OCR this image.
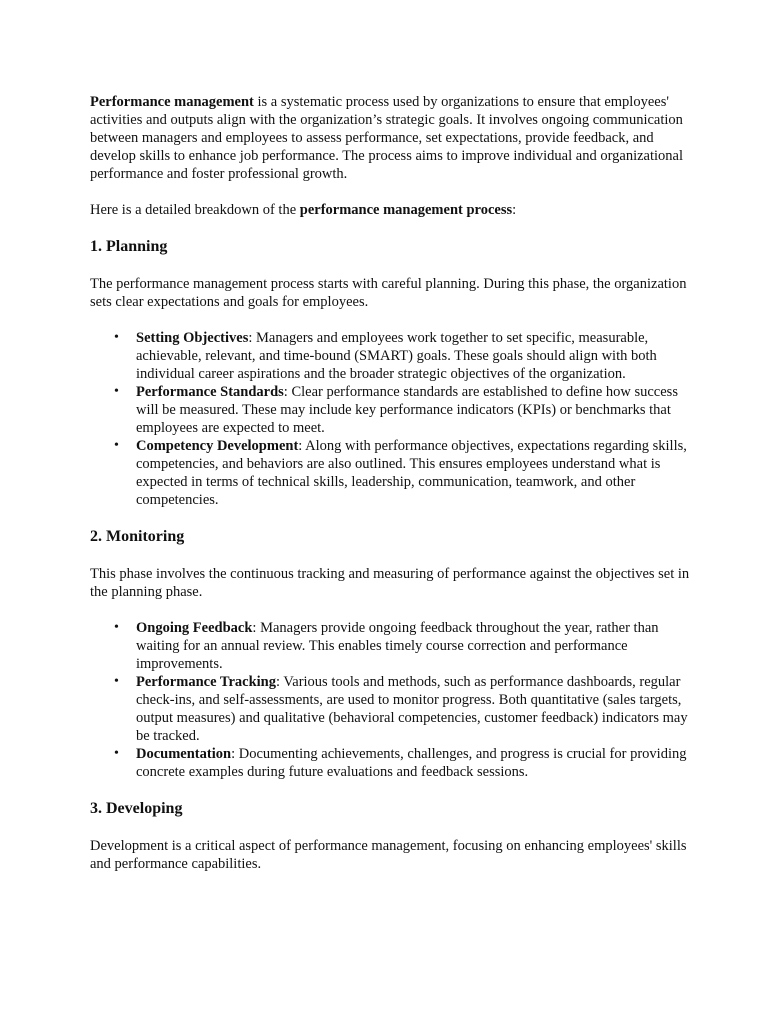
Performance management is a systematic process used by organizations to ensure that employees' activities and outputs align with the organization’s strategic goals. It involves ongoing communication between managers and employees to assess performance, set expectations, provide feedback, and develop skills to enhance job performance. The process aims to improve individual and organizational performance and foster professional growth.

Here is a detailed breakdown of the performance management process:

1. Planning

The performance management process starts with careful planning. During this phase, the organization sets clear expectations and goals for employees.

• Setting Objectives: Managers and employees work together to set specific, measurable, achievable, relevant, and time-bound (SMART) goals. These goals should align with both individual career aspirations and the broader strategic objectives of the organization.
• Performance Standards: Clear performance standards are established to define how success will be measured. These may include key performance indicators (KPIs) or benchmarks that employees are expected to meet.
• Competency Development: Along with performance objectives, expectations regarding skills, competencies, and behaviors are also outlined. This ensures employees understand what is expected in terms of technical skills, leadership, communication, teamwork, and other competencies.
2. Monitoring

This phase involves the continuous tracking and measuring of performance against the objectives set in the planning phase.

• Ongoing Feedback: Managers provide ongoing feedback throughout the year, rather than waiting for an annual review. This enables timely course correction and performance improvements.
• Performance Tracking: Various tools and methods, such as performance dashboards, regular check-ins, and self-assessments, are used to monitor progress. Both quantitative (sales targets, output measures) and qualitative (behavioral competencies, customer feedback) indicators may be tracked.
• Documentation: Documenting achievements, challenges, and progress is crucial for providing concrete examples during future evaluations and feedback sessions.
3. Developing

Development is a critical aspect of performance management, focusing on enhancing employees' skills and performance capabilities.
